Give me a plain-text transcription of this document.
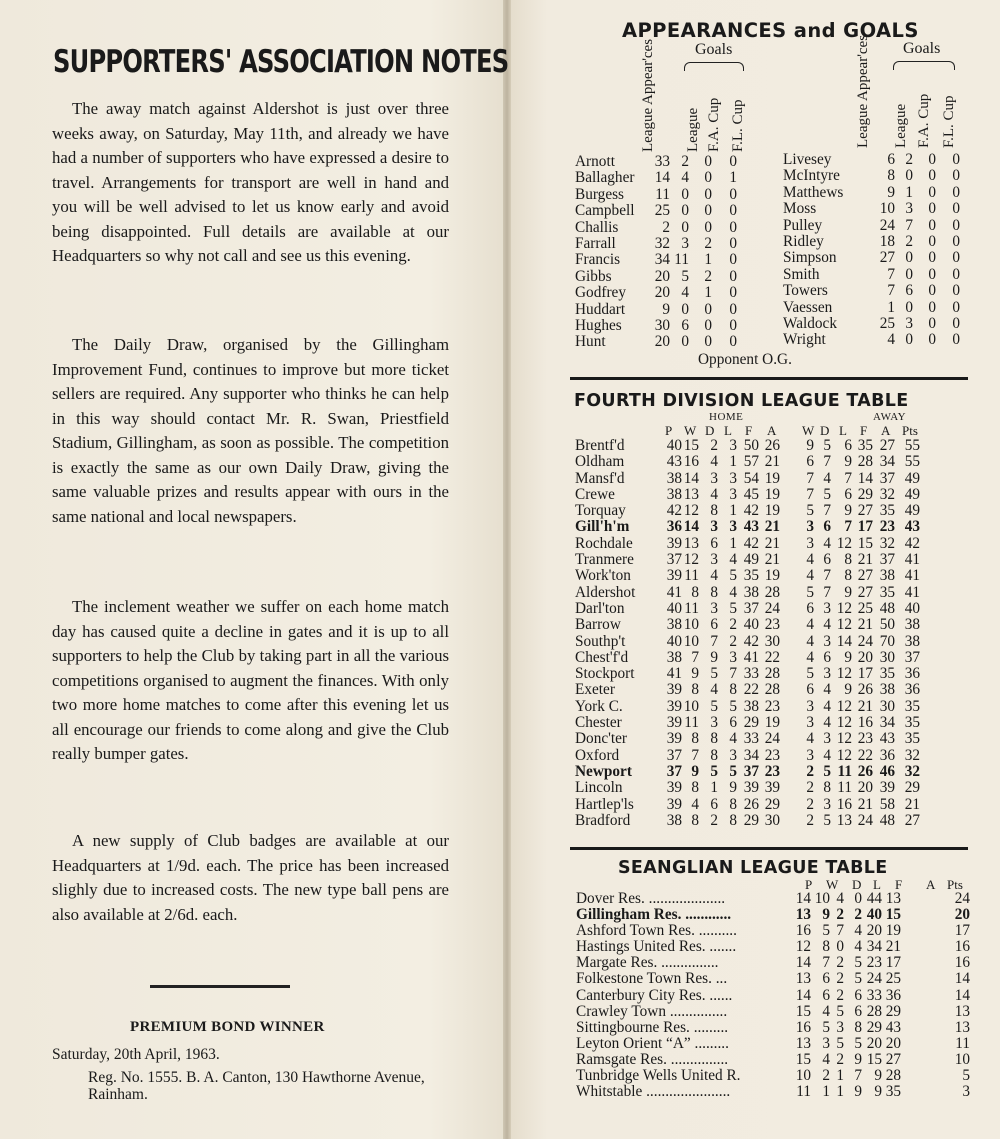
SUPPORTERS' ASSOCIATION NOTES

The away match against Aldershot is just over three weeks away, on Saturday, May 11th, and already we have had a number of supporters who have expressed a desire to travel. Arrangements for transport are well in hand and you will be well advised to let us know early and avoid being disappointed. Full details are available at our Headquarters so why not call and see us this evening.

The Daily Draw, organised by the Gillingham Improvement Fund, continues to improve but more ticket sellers are required. Any supporter who thinks he can help in this way should contact Mr. R. Swan, Priestfield Stadium, Gillingham, as soon as possible. The competition is exactly the same as our own Daily Draw, giving the same valuable prizes and results appear with ours in the same national and local newspapers.

The inclement weather we suffer on each home match day has caused quite a decline in gates and it is up to all supporters to help the Club by taking part in all the various competitions organised to augment the finances. With only two more home matches to come after this evening let us all encourage our friends to come along and give the Club really bumper gates.

A new supply of Club badges are available at our Headquarters at 1/9d. each. The price has been increased slighly due to increased costs. The new type ball pens are also available at 2/6d. each.

PREMIUM BOND WINNER
Saturday, 20th April, 1963.
Reg. No. 1555. B. A. Canton, 130 Hawthorne Avenue, Rainham.
APPEARANCES and GOALS
Goals	Goals
League Appear'ces League F.A. Cup F.L. Cup	League Appear'ces League F.A. Cup F.L. Cup
Arnott	33 2 0 0
Ballagher 14 4 0 1
Burgess 11 0 0 0
Campbell 25 0 0 0
Challis	2 0 0 0
Farrall	32 3 2 0
Francis 34 11 1 0
Gibbs	20 5 2 0
Godfrey 20 4 1 0
Huddart 9 0 0 0
Hughes 30 6 0 0
Hunt	20 0 0 0
Livesey	6 2 0 0
McIntyre	8 0 0 0
Matthews	9 1 0 0
Moss	10 3 0 0
Pulley	24 7 0 0
Ridley	18 2 0 0
Simpson	27 0 0 0
Smith	7 0 0 0
Towers	7 6 0 0
Vaessen	1 0 0 0
Waldock	25 3 0 0
Wright	4 0 0 0
Opponent O.G.
FOURTH DIVISION LEAGUE TABLE
HOME	AWAY
Brentf'd	40 15 2 3 50 26 9 5 6 35 27 55
Oldham	43 16 4 1 57 21 6 7 9 28 34 55
Mansf'd	38 14 3 3 54 19 7 4 7 14 37 49
Crewe	38 13 4 3 45 19 7 5 6 29 32 49
Torquay	42 12 8 1 42 19 5 7 9 27 35 49
Gill'h'm 36 14 3 3 43 21 3 6 7 17 23 43
Rochdale 39 13 6 1 42 21 3 4 12 15 32 42
Tranmere 37 12 3 4 49 21 4 6 8 21 37 41
Work'ton 39 11 4 5 35 19 4 7 8 27 38 41
Aldershot 41 8 8 4 38 28 5 7 9 27 35 41
Darl'ton	40 11 3 5 37 24 6 3 12 25 48 40
Barrow	38 10 6 2 40 23 4 4 12 21 50 38
Southp't	40 10 7 2 42 30 4 3 14 24 70 38
Chest'f'd	38 7 9 3 41 22 4 6 9 20 30 37
Stockport 41 9 5 7 33 28 5 3 12 17 35 36
Exeter	39 8 4 8 22 28 6 4 9 26 38 36
York C.	39 10 5 5 38 23 3 4 12 21 30 35
Chester	39 11 3 6 29 19 3 4 12 16 34 35
Donc'ter	39 8 8 4 33 24 4 3 12 23 43 35
Oxford	37 7 8 3 34 23 3 4 12 22 36 32
Newport 37 9 5 5 37 23 2 5 11 26 46 32
Lincoln	39 8 1 9 39 39 2 8 11 20 39 29
Hartlep'ls 39 4 6 8 26 29 2 3 16 21 58 21
Bradford 38 8 2 8 29 30 2 5 13 24 48 27
SEANGLIAN LEAGUE TABLE
Dover Res. ....................	14 10 4 0 44 13	24
Gillingham Res. ............	13 9 2 2 40 15	20
Ashford Town Res. ..........	16 5 7 4 20 19	17
Hastings United Res. .......	12 8 0 4 34 21	16
Margate Res. ...............	14 7 2 5 23 17	16
Folkestone Town Res. ...	13 6 2 5 24 25	14
Canterbury City Res. ......	14 6 2 6 33 36	14
Crawley Town ...............	15 4 5 6 28 29	13
Sittingbourne Res. .........	16 5 3 8 29 43	13
Leyton Orient “A” .........	13 3 5 5 20 20	11
Ramsgate Res. ...............	15 4 2 9 15 27	10
Tunbridge Wells United R.	10 2 1 7 9 28	5
Whitstable ......................	11 1 1 9 9 35	3
P W D L F A W D L F A Pts
P W D L F A Pts
